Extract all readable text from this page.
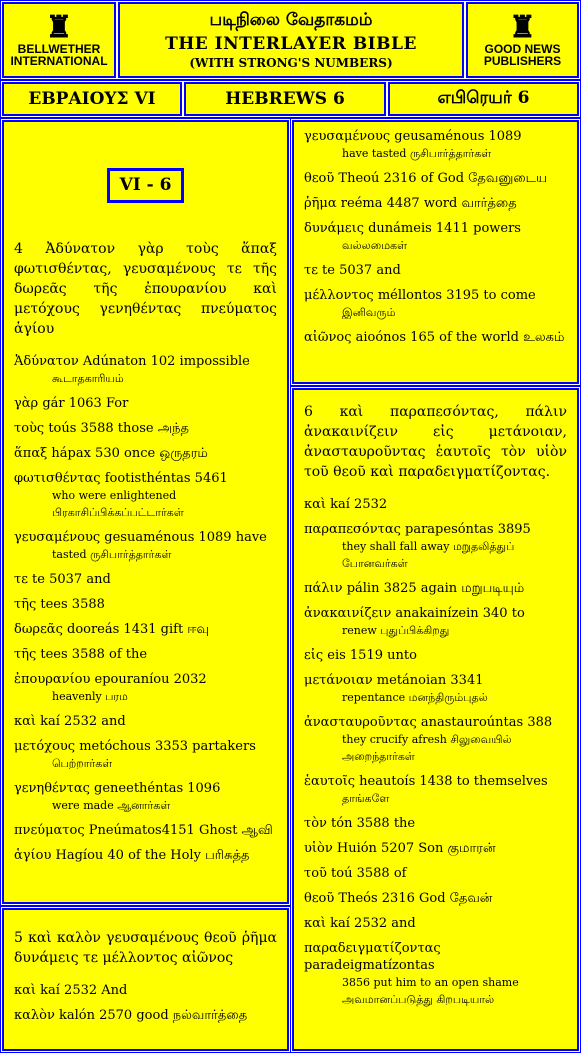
♜
BELLWETHER INTERNATIONAL
படிநிலை வேதாகமம்
THE INTERLAYER BIBLE
(WITH STRONG'S NUMBERS)
♜
GOOD NEWS PUBLISHERS
ΕΒΡΑΙΟΥΣ VI	HEBREWS 6	எபிரெயர் 6
VI - 6
4 Ἀδύνατον γὰρ τοὺς ἅπαξ φωτισθέντας, γευσαμένους τε τῆς δωρεᾶς τῆς ἐπουρανίου καὶ μετόχους γενηθέντας πνεύματος ἁγίου
Ἀδύνατον Adúnaton 102 impossible
கூடாதகாரியம்
γὰρ gár 1063 For
τοὺς toús 3588 those அந்த
ἅπαξ hápax 530 once ஒருதரம்
φωτισθέντας footisthéntas 5461
who were enlightened பிரகாசிப்பிக்கப்பட்டார்கள்
γευσαμένους gesuaménous 1089 have
tasted ருசிபார்த்தார்கள்
τε te 5037 and
τῆς tees 3588
δωρεᾶς dooreás 1431 gift ஈவு
τῆς tees 3588 of the
ἐπουρανίου epouraníou 2032
heavenly பரம
καὶ kaí 2532 and
μετόχους metóchous 3353 partakers
பெற்றார்கள்
γενηθέντας geneethéntas 1096
were made ஆனார்கள்
πνεύματος Pneúmatos4151 Ghost ஆவி
ἁγίου Hagíou 40 of the Holy பரிசுத்த
5 καὶ καλὸν γευσαμένους θεοῦ ῥῆμα δυνάμεις τε μέλλοντος αἰῶνος
καὶ kaí 2532 And
καλὸν kalón 2570 good நல்வார்த்தை
γευσαμένους geusaménous 1089
have tasted ருசிபார்த்தார்கள்
θεοῦ Theoú 2316 of God தேவனுடைய
ῥῆμα reéma 4487 word வார்த்தை
δυνάμεις dunámeis 1411 powers
வல்லமைகள்
τε te 5037 and
μέλλοντος méllontos 3195 to come
இனிவரும்
αἰῶνος aioónos 165 of the world உலகம்
6 καὶ παραπεσόντας, πάλιν ἀνακαινίζειν εἰς μετάνοιαν, ἀνασταυροῦντας ἑαυτοῖς τὸν υἱὸν τοῦ θεοῦ καὶ παραδειγματίζοντας.
καὶ kaí 2532
παραπεσόντας parapesóntas 3895
they shall fall away மறுதலித்துப் போனவர்கள்
πάλιν pálin 3825 again மறுபடியும்
ἀνακαινίζειν anakainízein 340 to
renew புதுப்பிக்கிறது
εἰς eis 1519 unto
μετάνοιαν metánoian 3341
repentance மனந்திரும்புதல்
ἀνασταυροῦντας anastauroúntas 388
they crucify afresh சிலுவையில் அறைந்தார்கள்
ἑαυτοῖς heautoís 1438 to themselves
தாங்களே
τὸν tón 3588 the
υἱὸν Huión 5207 Son குமாரன்
τοῦ toú 3588 of
θεοῦ Theós 2316 God தேவன்
καὶ kaí 2532 and
παραδειγματίζοντας paradeigmatízontas
3856 put him to an open shame அவமானப்படுத்து கிறபடியால்
